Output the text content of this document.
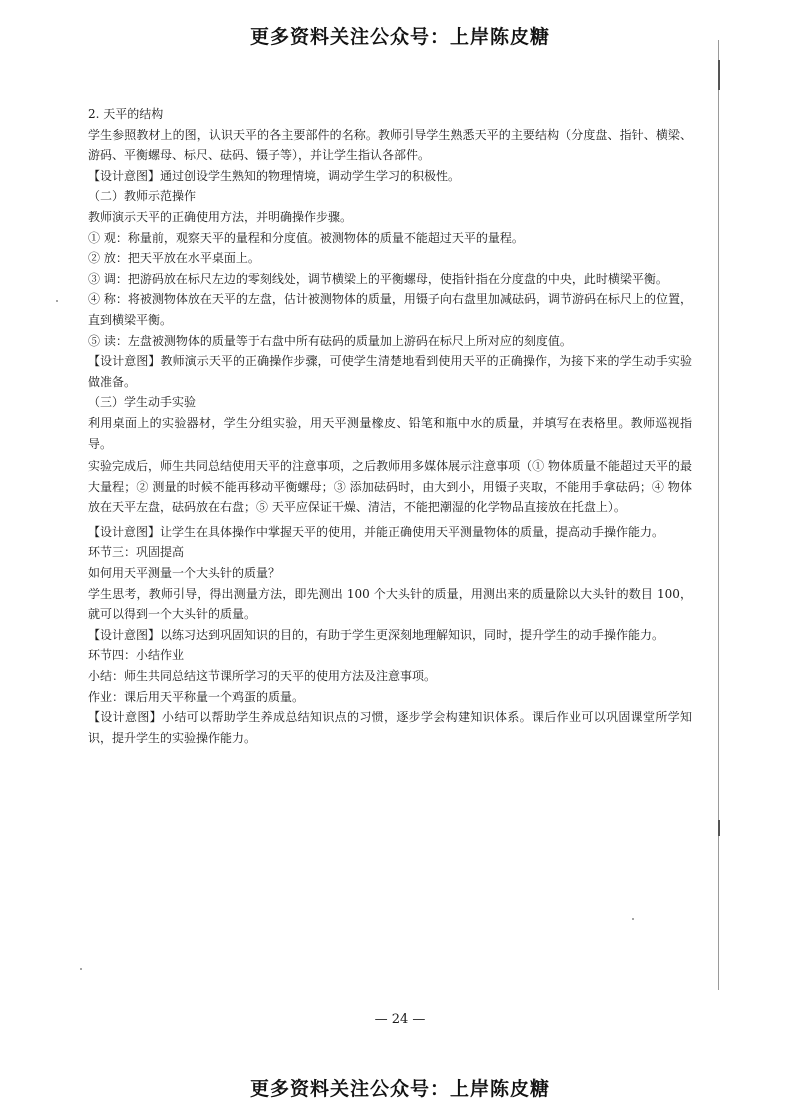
更多资料关注公众号：上岸陈皮糖

2. 天平的结构

学生参照教材上的图，认识天平的各主要部件的名称。教师引导学生熟悉天平的主要结构（分度盘、指针、横梁、游码、平衡螺母、标尺、砝码、镊子等），并让学生指认各部件。

【设计意图】通过创设学生熟知的物理情境，调动学生学习的积极性。

（二）教师示范操作

教师演示天平的正确使用方法，并明确操作步骤。

① 观：称量前，观察天平的量程和分度值。被测物体的质量不能超过天平的量程。

② 放：把天平放在水平桌面上。

③ 调：把游码放在标尺左边的零刻线处，调节横梁上的平衡螺母，使指针指在分度盘的中央，此时横梁平衡。

④ 称：将被测物体放在天平的左盘，估计被测物体的质量，用镊子向右盘里加减砝码，调节游码在标尺上的位置，直到横梁平衡。

⑤ 读：左盘被测物体的质量等于右盘中所有砝码的质量加上游码在标尺上所对应的刻度值。

【设计意图】教师演示天平的正确操作步骤，可使学生清楚地看到使用天平的正确操作，为接下来的学生动手实验做准备。

（三）学生动手实验

利用桌面上的实验器材，学生分组实验，用天平测量橡皮、铅笔和瓶中水的质量，并填写在表格里。教师巡视指导。

实验完成后，师生共同总结使用天平的注意事项，之后教师用多媒体展示注意事项（① 物体质量不能超过天平的最大量程；② 测量的时候不能再移动平衡螺母；③ 添加砝码时，由大到小，用镊子夹取，不能用手拿砝码；④ 物体放在天平左盘，砝码放在右盘；⑤ 天平应保证干燥、清洁，不能把潮湿的化学物品直接放在托盘上）。

【设计意图】让学生在具体操作中掌握天平的使用，并能正确使用天平测量物体的质量，提高动手操作能力。

环节三：巩固提高

如何用天平测量一个大头针的质量？

学生思考，教师引导，得出测量方法，即先测出 100 个大头针的质量，用测出来的质量除以大头针的数目 100，就可以得到一个大头针的质量。

【设计意图】以练习达到巩固知识的目的，有助于学生更深刻地理解知识，同时，提升学生的动手操作能力。

环节四：小结作业

小结：师生共同总结这节课所学习的天平的使用方法及注意事项。

作业：课后用天平称量一个鸡蛋的质量。

【设计意图】小结可以帮助学生养成总结知识点的习惯，逐步学会构建知识体系。课后作业可以巩固课堂所学知识，提升学生的实验操作能力。

— 24 —
更多资料关注公众号：上岸陈皮糖
